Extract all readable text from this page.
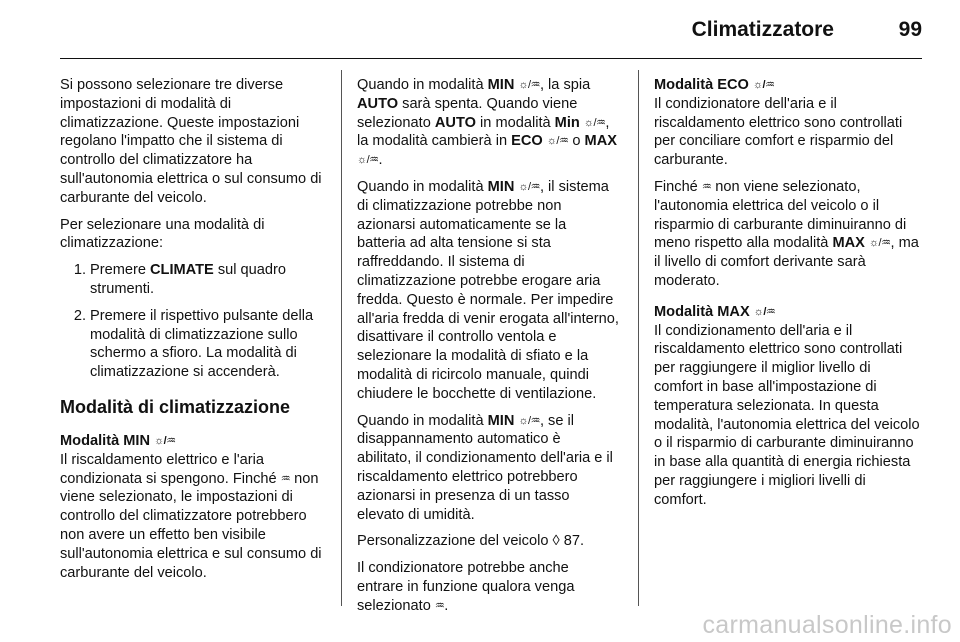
Climatizzatore	99

Si possono selezionare tre diverse impostazioni di modalità di climatizzazione. Queste impostazioni regolano l'impatto che il sistema di controllo del climatizzatore ha sull'autonomia elettrica o sul consumo di carburante del veicolo.

Per selezionare una modalità di climatizzazione:

1. Premere CLIMATE sul quadro strumenti.
2. Premere il rispettivo pulsante della modalità di climatizzazione sullo schermo a sfioro. La modalità di climatizzazione si accenderà.
Modalità di climatizzazione
Modalità MIN ☼/♒

Il riscaldamento elettrico e l'aria condizionata si spengono. Finché ♒ non viene selezionato, le impostazioni di controllo del climatizzatore potrebbero non avere un effetto ben visibile sull'autonomia elettrica e sul consumo di carburante del veicolo.

Quando in modalità MIN ☼/♒, la spia AUTO sarà spenta. Quando viene selezionato AUTO in modalità Min ☼/♒, la modalità cambierà in ECO ☼/♒ o MAX ☼/♒.

Quando in modalità MIN ☼/♒, il sistema di climatizzazione potrebbe non azionarsi automaticamente se la batteria ad alta tensione si sta raffreddando. Il sistema di climatizzazione potrebbe erogare aria fredda. Questo è normale. Per impedire all'aria fredda di venir erogata all'interno, disattivare il controllo ventola e selezionare la modalità di sfiato e la modalità di ricircolo manuale, quindi chiudere le bocchette di ventilazione.

Quando in modalità MIN ☼/♒, se il disappannamento automatico è abilitato, il condizionamento dell'aria e il riscaldamento elettrico potrebbero azionarsi in presenza di un tasso elevato di umidità.

Personalizzazione del veicolo ◊ 87.

Il condizionatore potrebbe anche entrare in funzione qualora venga selezionato ♒.

Modalità ECO ☼/♒

Il condizionatore dell'aria e il riscaldamento elettrico sono controllati per conciliare comfort e risparmio del carburante.

Finché ♒ non viene selezionato, l'autonomia elettrica del veicolo o il risparmio di carburante diminuiranno di meno rispetto alla modalità MAX ☼/♒, ma il livello di comfort derivante sarà moderato.

Modalità MAX ☼/♒

Il condizionamento dell'aria e il riscaldamento elettrico sono controllati per raggiungere il miglior livello di comfort in base all'impostazione di temperatura selezionata. In questa modalità, l'autonomia elettrica del veicolo o il risparmio di carburante diminuiranno in base alla quantità di energia richiesta per raggiungere i migliori livelli di comfort.

carmanualsonline.info
